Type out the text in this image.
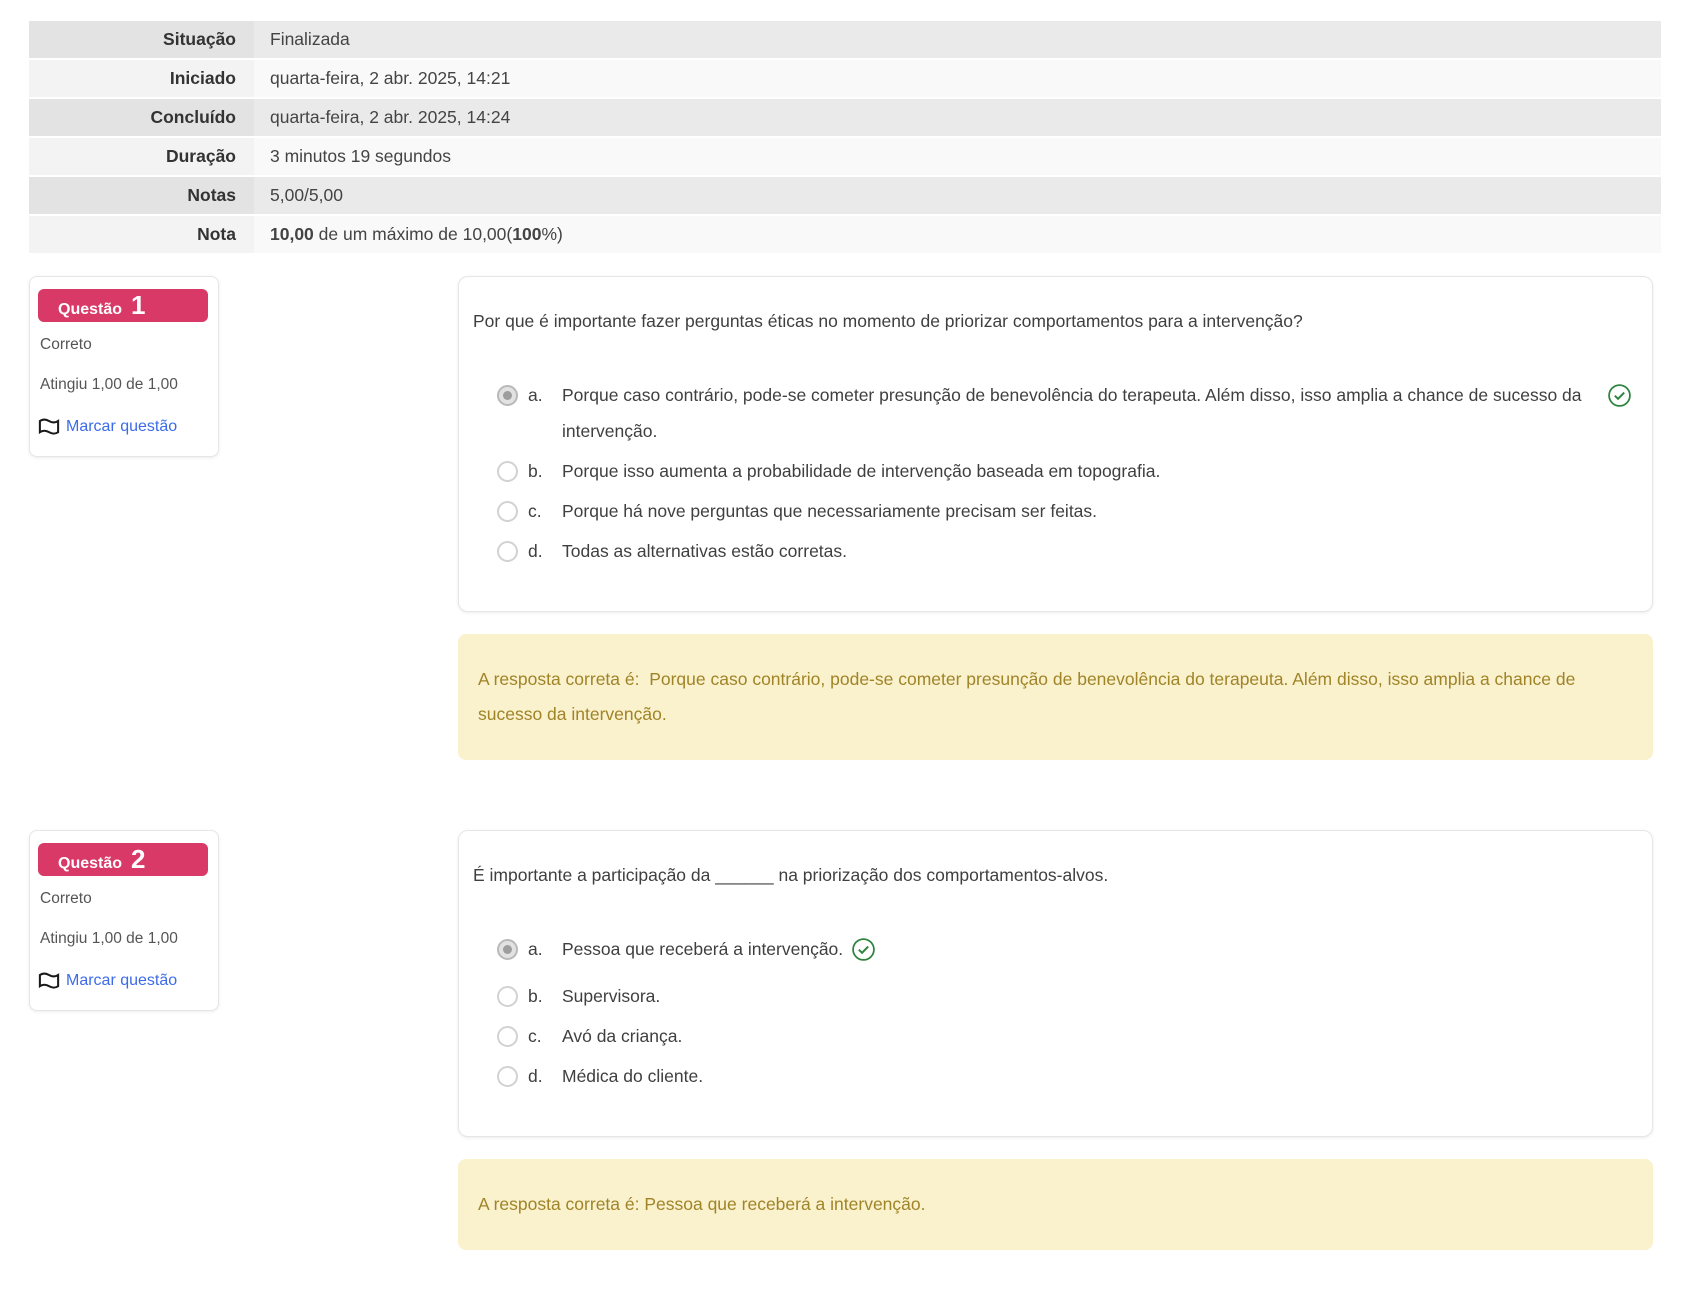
Situação	Finalizada
Iniciado	quarta-feira, 2 abr. 2025, 14:21
Concluído	quarta-feira, 2 abr. 2025, 14:24
Duração	3 minutos 19 segundos
Notas	5,00/5,00
Nota	10,00 de um máximo de 10,00(100%)
Questão 1
Correto
Atingiu 1,00 de 1,00
Marcar questão
Por que é importante fazer perguntas éticas no momento de priorizar comportamentos para a intervenção?
a.	Porque caso contrário, pode-se cometer presunção de benevolência do terapeuta. Além disso, isso amplia a chance de sucesso da intervenção.
b.	Porque isso aumenta a probabilidade de intervenção baseada em topografia.
c.	Porque há nove perguntas que necessariamente precisam ser feitas.
d.	Todas as alternativas estão corretas.
A resposta correta é:  Porque caso contrário, pode-se cometer presunção de benevolência do terapeuta. Além disso, isso amplia a chance de sucesso da intervenção.
Questão 2
Correto
Atingiu 1,00 de 1,00
Marcar questão
É importante a participação da ______ na priorização dos comportamentos-alvos.
a.	Pessoa que receberá a intervenção.
b.	Supervisora.
c.	Avó da criança.
d.	Médica do cliente.
A resposta correta é: Pessoa que receberá a intervenção.
